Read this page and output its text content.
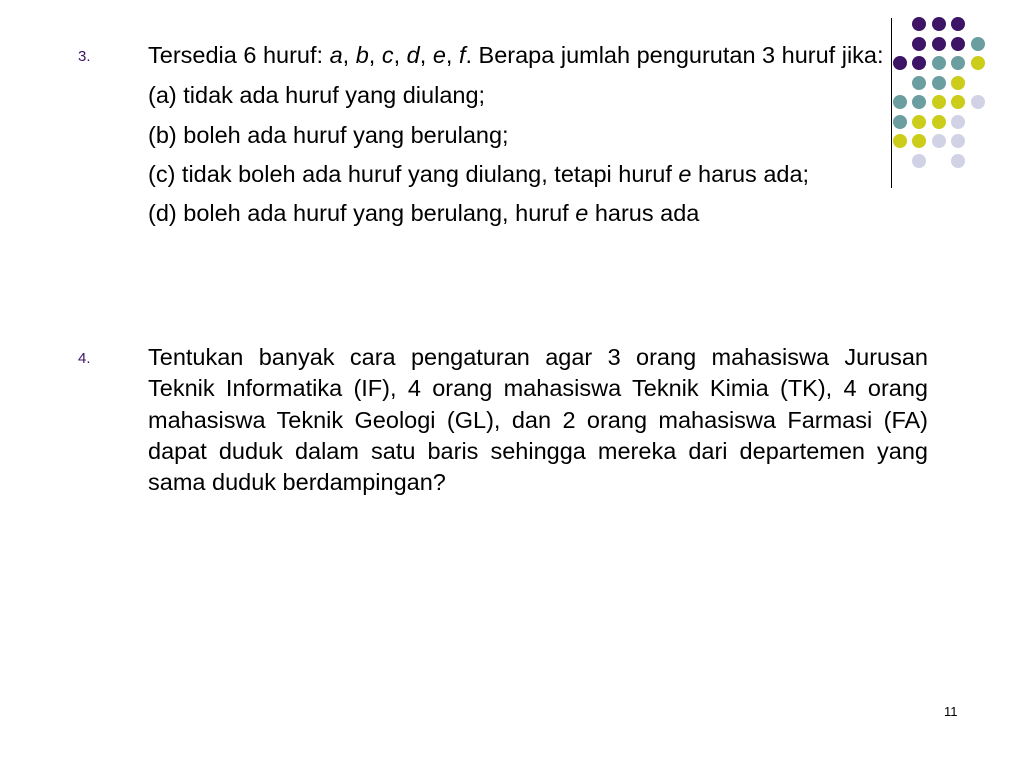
3. Tersedia 6 huruf: a, b, c, d, e, f. Berapa jumlah pengurutan 3 huruf jika:

(a) tidak ada huruf yang diulang;

(b) boleh ada huruf yang berulang;

(c) tidak boleh ada huruf yang diulang, tetapi huruf e harus ada;

(d) boleh ada huruf yang berulang, huruf e harus ada

4. Tentukan banyak cara pengaturan agar 3 orang mahasiswa Jurusan Teknik Informatika (IF), 4 orang mahasiswa Teknik Kimia (TK), 4 orang mahasiswa Teknik Geologi (GL), dan 2 orang mahasiswa Farmasi (FA) dapat duduk dalam satu baris sehingga mereka dari departemen yang sama duduk berdampingan?

11
